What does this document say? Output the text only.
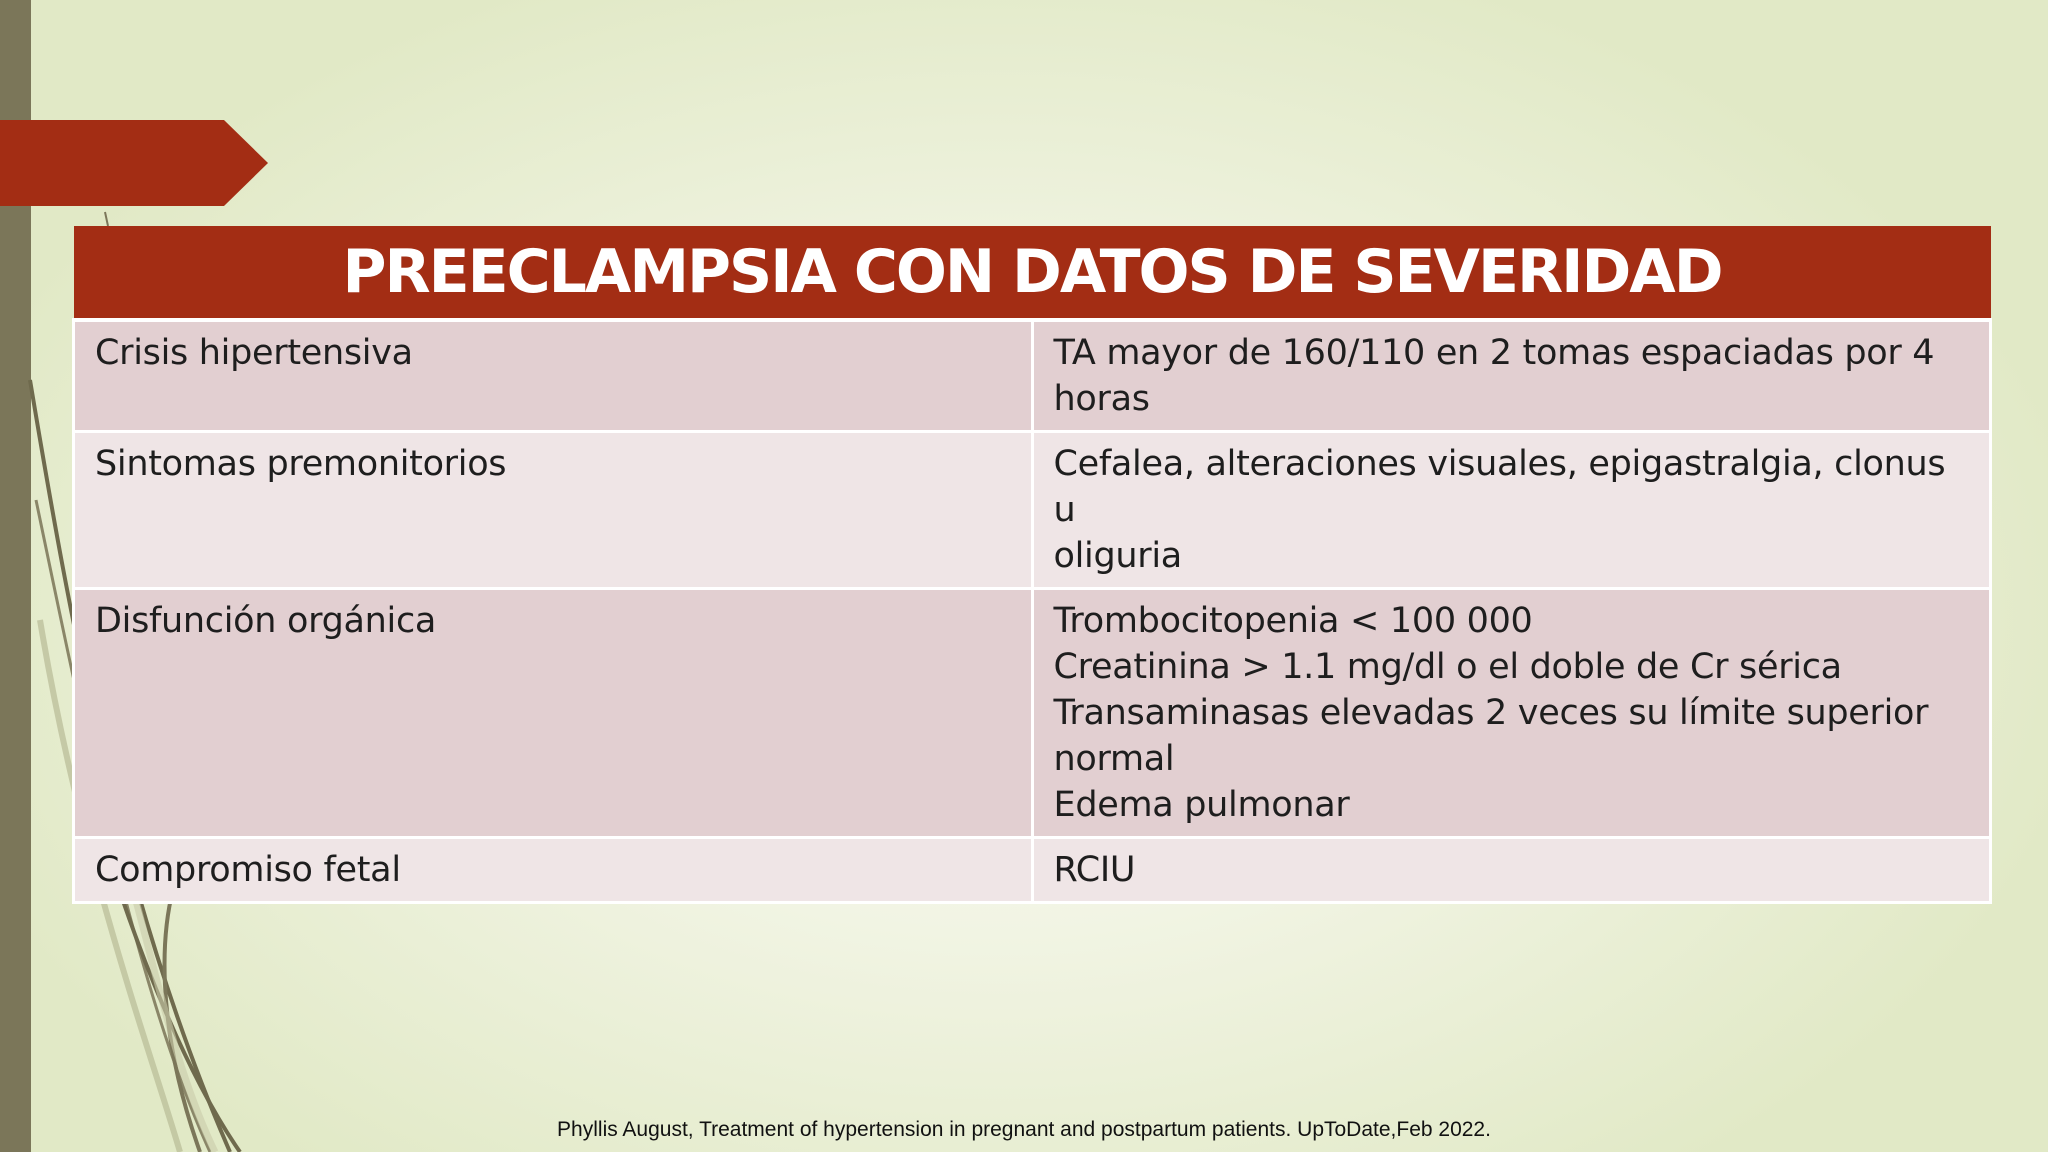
PREECLAMPSIA CON DATOS DE SEVERIDAD	
Crisis hipertensiva	TA mayor de 160/110 en 2 tomas espaciadas por 4
horas

Sintomas premonitorios	Cefalea, alteraciones visuales, epigastralgia, clonus u
oliguria

Disfunción orgánica	Trombocitopenia < 100 000
Creatinina > 1.1 mg/dl o el doble de Cr sérica
Transaminasas elevadas 2 veces su límite superior
normal
Edema pulmonar

Compromiso fetal	RCIU
Phyllis August, Treatment of hypertension in pregnant and postpartum patients. UpToDate,Feb 2022.
